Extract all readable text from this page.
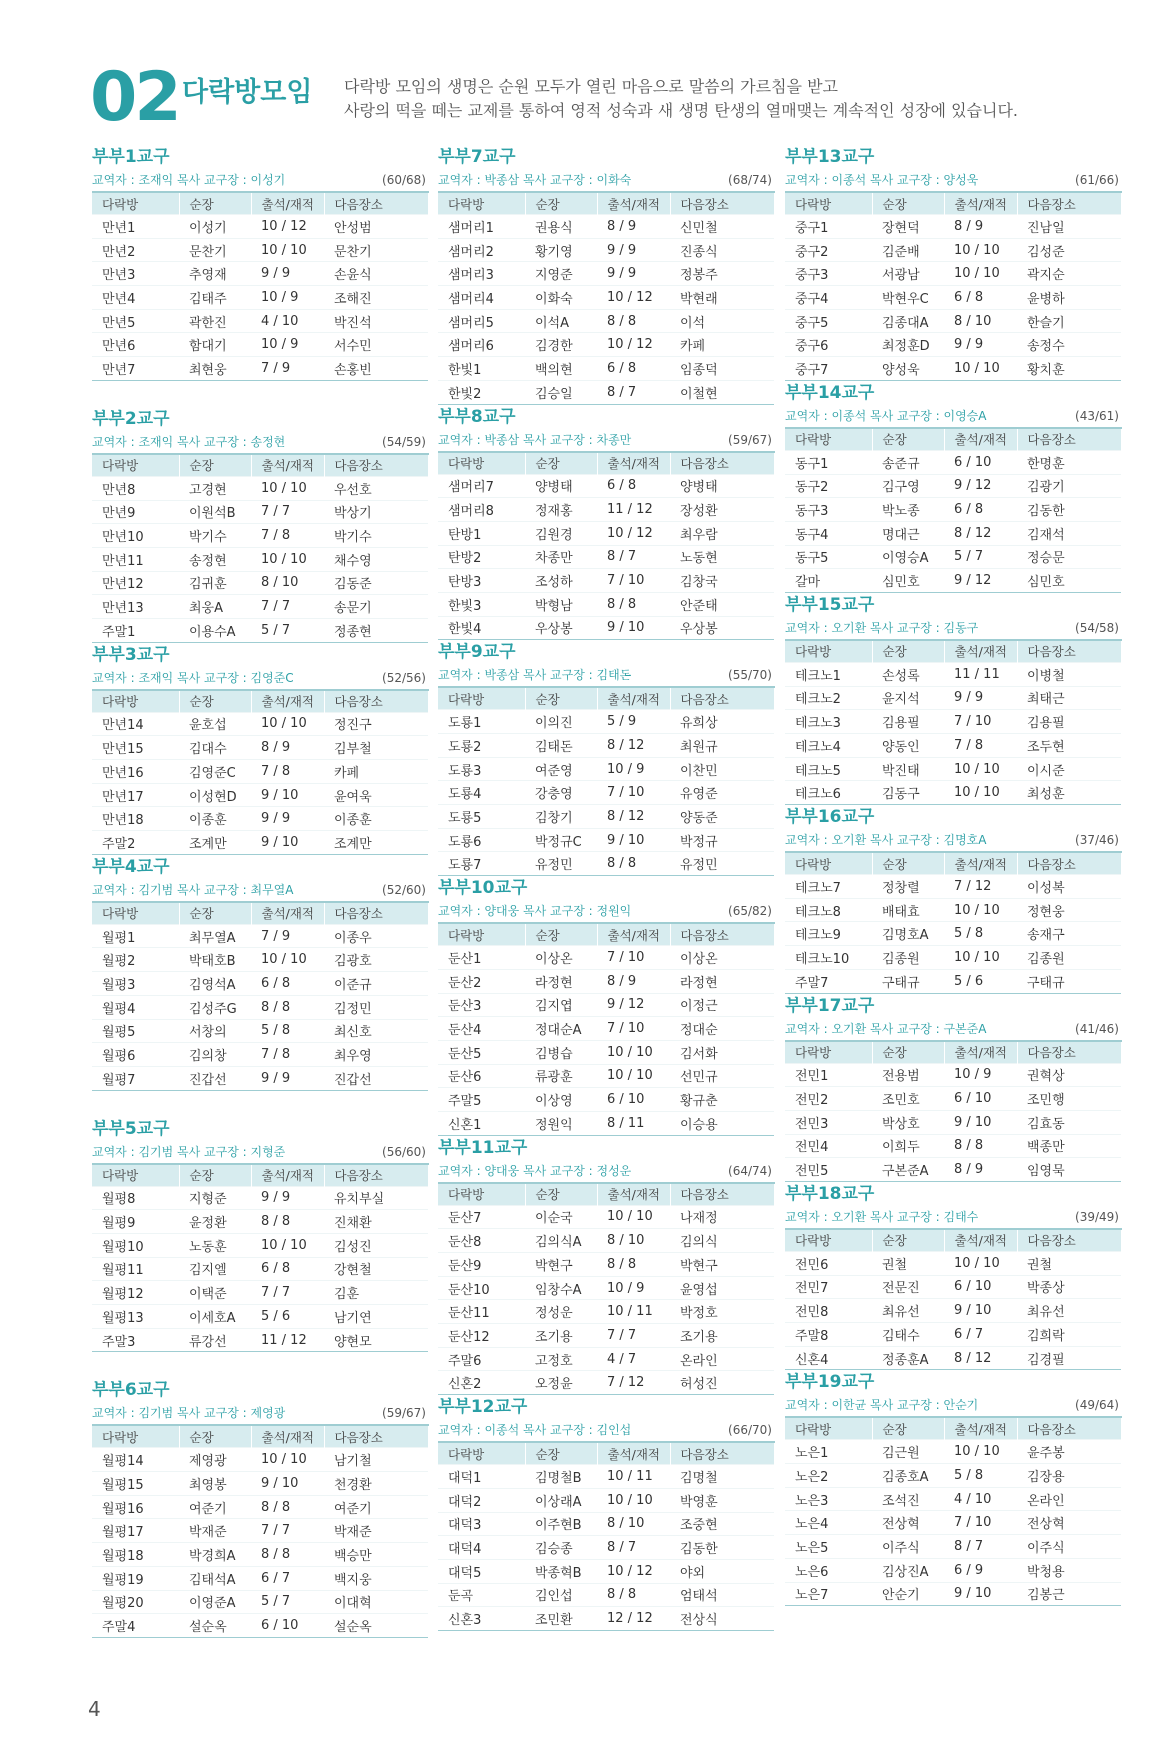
02 다락방모임 다락방 모임의 생명은 순원 모두가 열린 마음으로 말씀의 가르침을 받고
사랑의 떡을 떼는 교제를 통하여 영적 성숙과 새 생명 탄생의 열매맺는 계속적인 성장에 있습니다.
부부1교구
교역자 : 조재익 목사 교구장 : 이성기	(60/68)
다락방	순장	출석/재적	다음장소
만년1	이성기	10 / 12	안성범
만년2	문찬기	10 / 10	문찬기
만년3	추영재	9 / 9	손윤식
만년4	김태주	10 / 9	조해진
만년5	곽한진	4 / 10	박진석
만년6	함대기	10 / 9	서수민
만년7	최현웅	7 / 9	손홍빈
부부2교구
교역자 : 조재익 목사 교구장 : 송정현	(54/59)
다락방	순장	출석/재적	다음장소
만년8	고경현	10 / 10	우선호
만년9	이원석B	7 / 7	박상기
만년10	박기수	7 / 8	박기수
만년11	송정현	10 / 10	채수영
만년12	김귀훈	8 / 10	김동준
만년13	최웅A	7 / 7	송문기
주말1	이용수A	5 / 7	정종현
부부3교구
교역자 : 조재익 목사 교구장 : 김영준C	(52/56)
다락방	순장	출석/재적	다음장소
만년14	윤호섭	10 / 10	정진구
만년15	김대수	8 / 9	김부철
만년16	김영준C	7 / 8	카페
만년17	이성현D	9 / 10	윤여욱
만년18	이종훈	9 / 9	이종훈
주말2	조계만	9 / 10	조계만
부부4교구
교역자 : 김기범 목사 교구장 : 최무열A	(52/60)
다락방	순장	출석/재적	다음장소
월평1	최무열A	7 / 9	이종우
월평2	박태호B	10 / 10	김광호
월평3	김영석A	6 / 8	이준규
월평4	김성주G	8 / 8	김정민
월평5	서창의	5 / 8	최신호
월평6	김의창	7 / 8	최우영
월평7	진갑선	9 / 9	진갑선
부부5교구
교역자 : 김기범 목사 교구장 : 지형준	(56/60)
다락방	순장	출석/재적	다음장소
월평8	지형준	9 / 9	유치부실
월평9	윤정환	8 / 8	진채환
월평10	노동훈	10 / 10	김성진
월평11	김지엘	6 / 8	강현철
월평12	이택준	7 / 7	김훈
월평13	이세호A	5 / 6	남기연
주말3	류강선	11 / 12	양현모
부부6교구
교역자 : 김기범 목사 교구장 : 제영광	(59/67)
다락방	순장	출석/재적	다음장소
월평14	제영광	10 / 10	남기철
월평15	최영봉	9 / 10	천경환
월평16	여준기	8 / 8	여준기
월평17	박재준	7 / 7	박재준
월평18	박경희A	8 / 8	백승만
월평19	김태석A	6 / 7	백지웅
월평20	이영준A	5 / 7	이대혁
주말4	설순옥	6 / 10	설순옥
부부7교구
교역자 : 박종삼 목사 교구장 : 이화숙	(68/74)
다락방	순장	출석/재적	다음장소
샘머리1	권용식	8 / 9	신민철
샘머리2	황기영	9 / 9	진종식
샘머리3	지영준	9 / 9	정봉주
샘머리4	이화숙	10 / 12	박현래
샘머리5	이석A	8 / 8	이석
샘머리6	김경한	10 / 12	카페
한빛1	백의현	6 / 8	임종덕
한빛2	김승일	8 / 7	이철현
부부8교구
교역자 : 박종삼 목사 교구장 : 차종만	(59/67)
다락방	순장	출석/재적	다음장소
샘머리7	양병태	6 / 8	양병태
샘머리8	정재홍	11 / 12	장성환
탄방1	김원경	10 / 12	최우람
탄방2	차종만	8 / 7	노동현
탄방3	조성하	7 / 10	김창국
한빛3	박형남	8 / 8	안준태
한빛4	우상봉	9 / 10	우상봉
부부9교구
교역자 : 박종삼 목사 교구장 : 김태돈	(55/70)
다락방	순장	출석/재적	다음장소
도룡1	이의진	5 / 9	유희상
도룡2	김태돈	8 / 12	최원규
도룡3	여준영	10 / 9	이찬민
도룡4	강충영	7 / 10	유영준
도룡5	김창기	8 / 12	양동준
도룡6	박정규C	9 / 10	박정규
도룡7	유정민	8 / 8	유정민
부부10교구
교역자 : 양대웅 목사 교구장 : 정원익	(65/82)
다락방	순장	출석/재적	다음장소
둔산1	이상온	7 / 10	이상온
둔산2	라정현	8 / 9	라정현
둔산3	김지엽	9 / 12	이정근
둔산4	정대순A	7 / 10	정대순
둔산5	김병습	10 / 10	김서화
둔산6	류광훈	10 / 10	선민규
주말5	이상영	6 / 10	황규춘
신혼1	정원익	8 / 11	이승용
부부11교구
교역자 : 양대웅 목사 교구장 : 정성운	(64/74)
다락방	순장	출석/재적	다음장소
둔산7	이순국	10 / 10	나재정
둔산8	김의식A	8 / 10	김의식
둔산9	박현구	8 / 8	박현구
둔산10	임창수A	10 / 9	윤영섭
둔산11	정성운	10 / 11	박정호
둔산12	조기용	7 / 7	조기용
주말6	고정호	4 / 7	온라인
신혼2	오정윤	7 / 12	허성진
부부12교구
교역자 : 이종석 목사 교구장 : 김인섭	(66/70)
다락방	순장	출석/재적	다음장소
대덕1	김명철B	10 / 11	김명철
대덕2	이상래A	10 / 10	박영훈
대덕3	이주현B	8 / 10	조중현
대덕4	김승종	8 / 7	김동한
대덕5	박종혁B	10 / 12	야외
둔곡	김인섭	8 / 8	엄태석
신혼3	조민환	12 / 12	전상식
부부13교구
교역자 : 이종석 목사 교구장 : 양성욱	(61/66)
다락방	순장	출석/재적	다음장소
중구1	장현덕	8 / 9	진남일
중구2	김준배	10 / 10	김성준
중구3	서광남	10 / 10	곽지순
중구4	박현우C	6 / 8	윤병하
중구5	김종대A	8 / 10	한슬기
중구6	최정훈D	9 / 9	송정수
중구7	양성욱	10 / 10	황치훈
부부14교구
교역자 : 이종석 목사 교구장 : 이영승A	(43/61)
다락방	순장	출석/재적	다음장소
동구1	송준규	6 / 10	한명훈
동구2	김구영	9 / 12	김광기
동구3	박노종	6 / 8	김동한
동구4	명대근	8 / 12	김재석
동구5	이영승A	5 / 7	정승문
갈마	심민호	9 / 12	심민호
부부15교구
교역자 : 오기환 목사 교구장 : 김동구	(54/58)
다락방	순장	출석/재적	다음장소
테크노1	손성록	11 / 11	이병철
테크노2	윤지석	9 / 9	최태근
테크노3	김용필	7 / 10	김용필
테크노4	양동인	7 / 8	조두현
테크노5	박진태	10 / 10	이시준
테크노6	김동구	10 / 10	최성훈
부부16교구
교역자 : 오기환 목사 교구장 : 김명호A	(37/46)
다락방	순장	출석/재적	다음장소
테크노7	정창렬	7 / 12	이성복
테크노8	배태효	10 / 10	정현웅
테크노9	김명호A	5 / 8	송재구
테크노10	김종원	10 / 10	김종원
주말7	구태규	5 / 6	구태규
부부17교구
교역자 : 오기환 목사 교구장 : 구본준A	(41/46)
다락방	순장	출석/재적	다음장소
전민1	전용범	10 / 9	권혁상
전민2	조민호	6 / 10	조민행
전민3	박상호	9 / 10	김효동
전민4	이희두	8 / 8	백종만
전민5	구본준A	8 / 9	임영묵
부부18교구
교역자 : 오기환 목사 교구장 : 김태수	(39/49)
다락방	순장	출석/재적	다음장소
전민6	권철	10 / 10	권철
전민7	전문진	6 / 10	박종상
전민8	최유선	9 / 10	최유선
주말8	김태수	6 / 7	김희락
신혼4	정종훈A	8 / 12	김경필
부부19교구
교역자 : 이한균 목사 교구장 : 안순기	(49/64)
다락방	순장	출석/재적	다음장소
노은1	김근원	10 / 10	윤주봉
노은2	김종호A	5 / 8	김장용
노은3	조석진	4 / 10	온라인
노은4	전상혁	7 / 10	전상혁
노은5	이주식	8 / 7	이주식
노은6	김상진A	6 / 9	박청용
노은7	안순기	9 / 10	김봉근
4
